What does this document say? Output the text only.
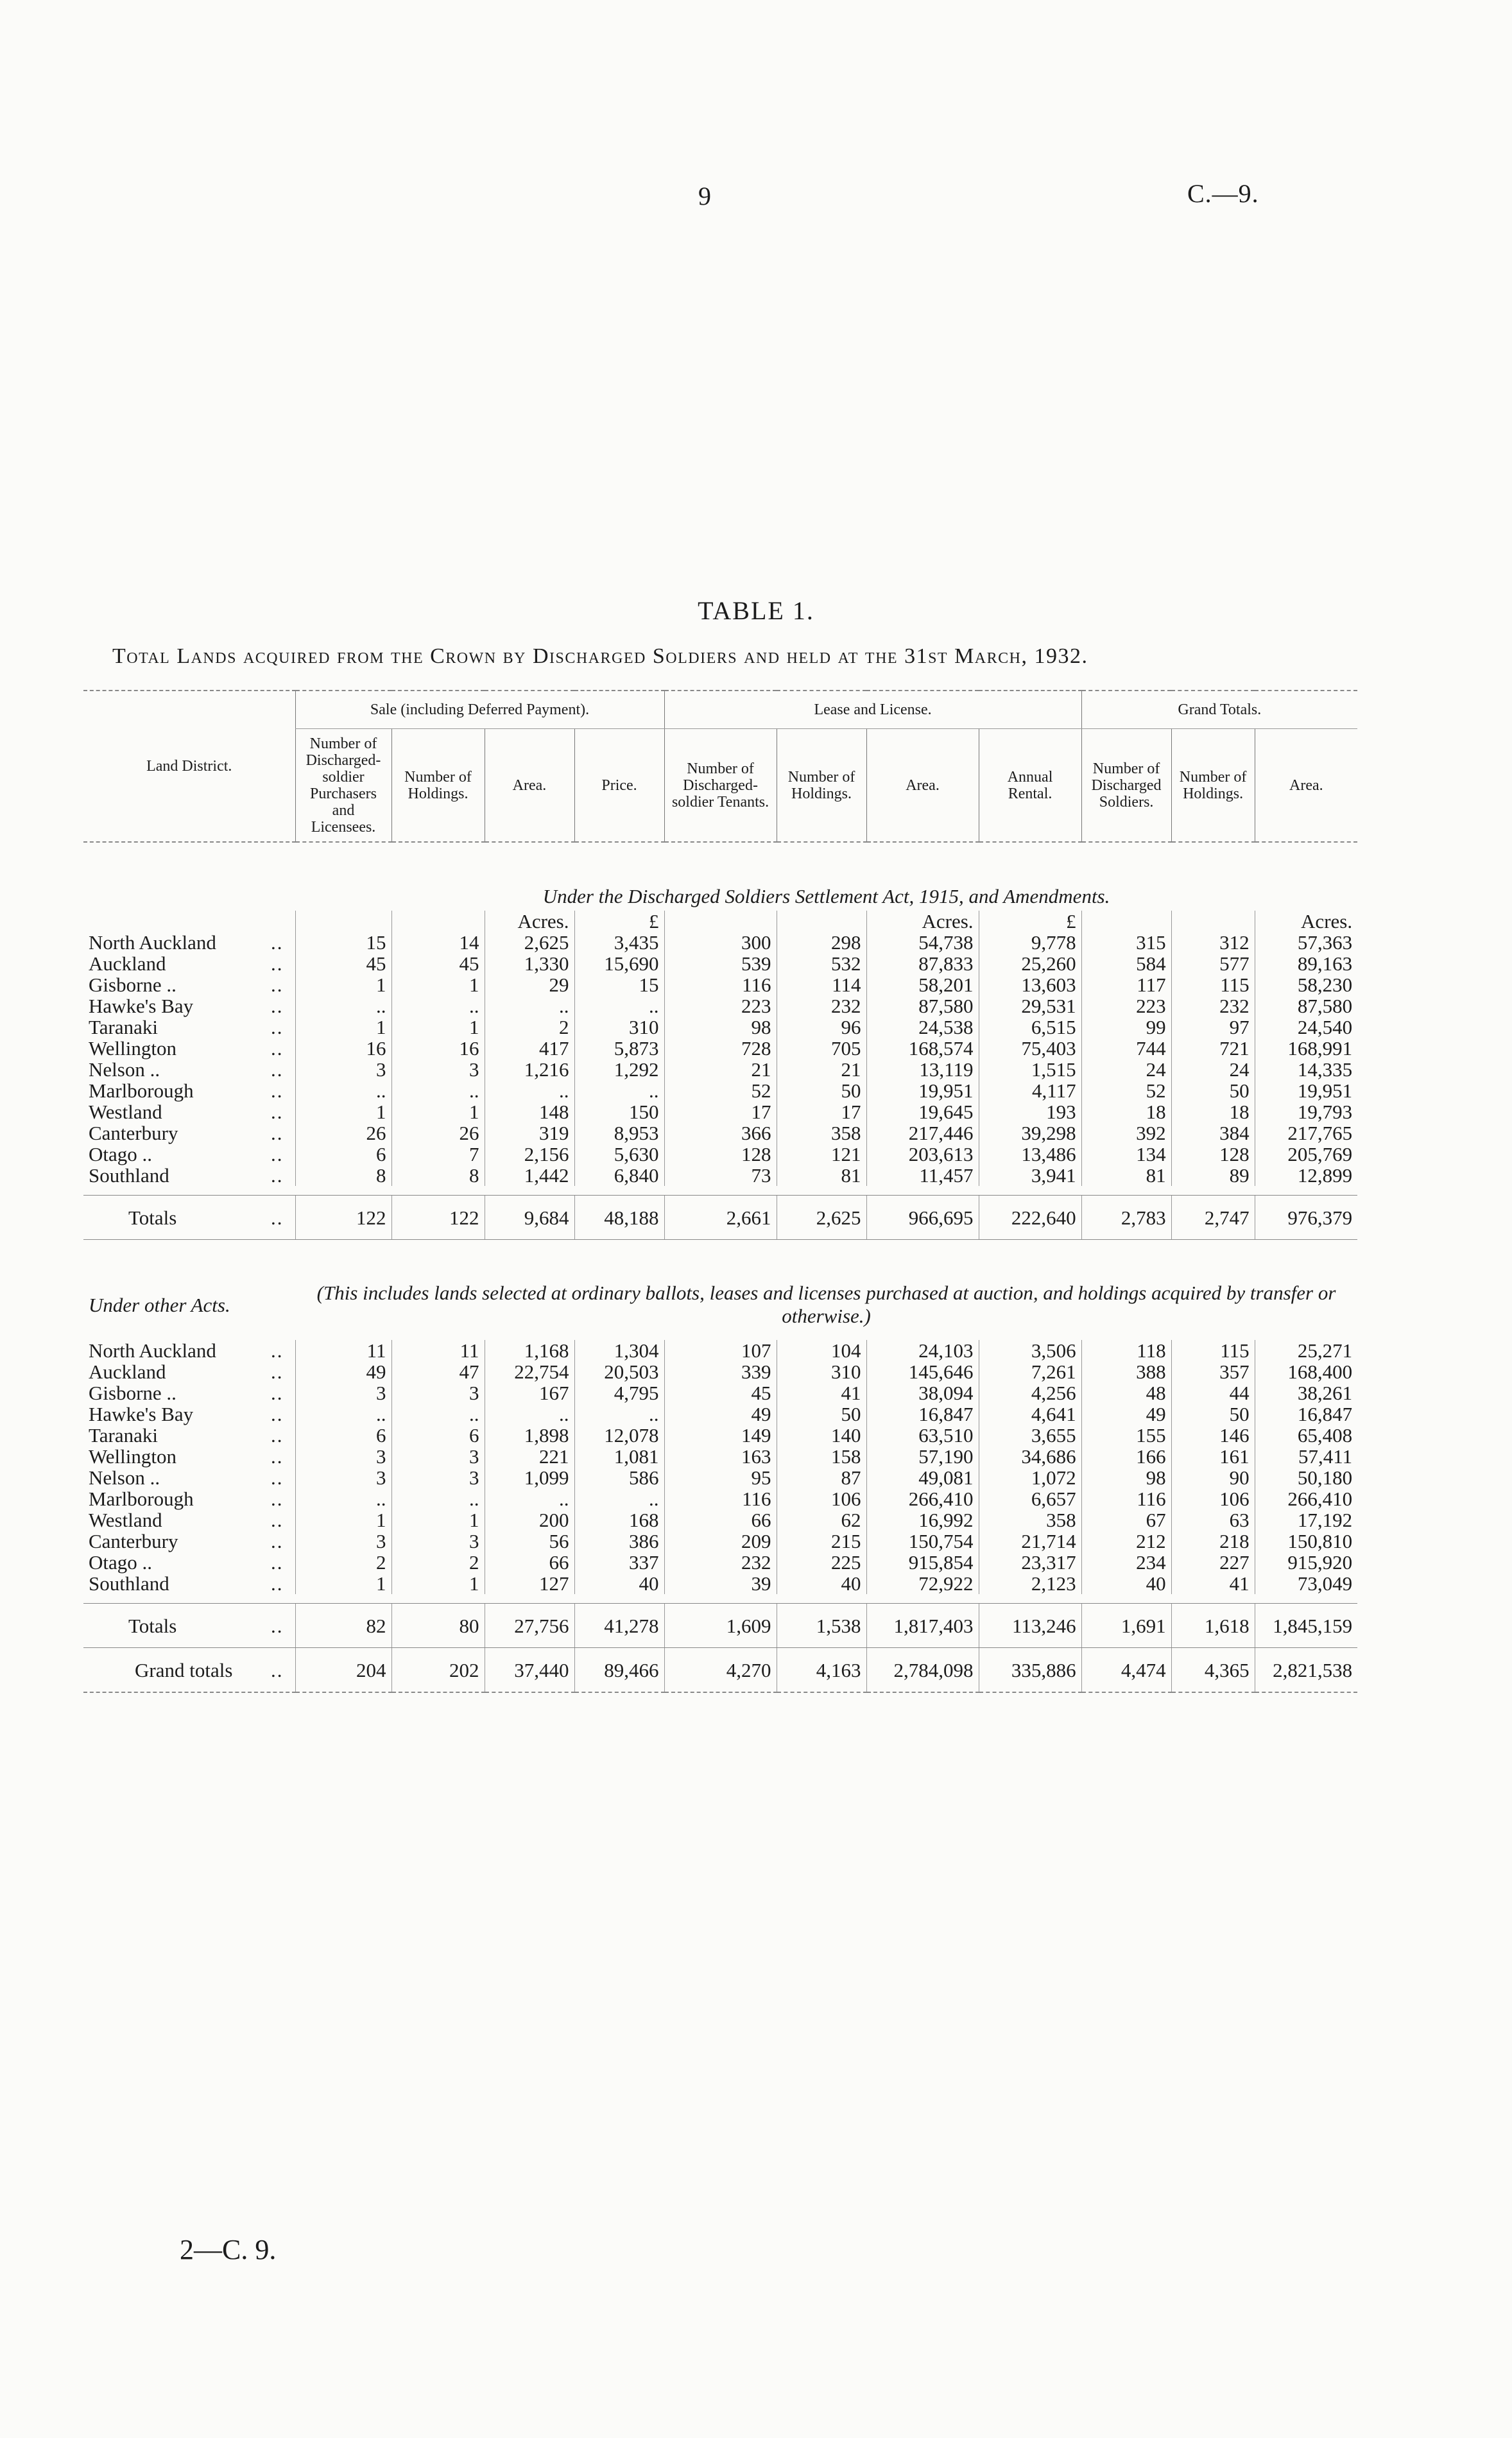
9	C.—9.
TABLE 1.
Total Lands acquired from the Crown by Discharged Soldiers and held at the 31st March, 1932.
Land District.	Sale (including Deferred Payment).				Lease and License.				Grand Totals.		
	Number of Discharged-soldier Purchasers and Licensees.	Number of Holdings.	Area.	Price.	Number of Discharged-soldier Tenants.	Number of Holdings.	Area.	Annual Rental.	Number of Discharged Soldiers.	Number of Holdings.	Area.

	Under the Discharged Soldiers Settlement Act, 1915, and Amendments.										
			Acres.	£			Acres.	£			Acres.
North Auckland ..	15	14	2,625	3,435	300	298	54,738	9,778	315	312	57,363
Auckland ..	45	45	1,330	15,690	539	532	87,833	25,260	584	577	89,163
Gisborne .. ..	1	1	29	15	116	114	58,201	13,603	117	115	58,230
Hawke's Bay ..	..	..	..	..	223	232	87,580	29,531	223	232	87,580
Taranaki ..	1	1	2	310	98	96	24,538	6,515	99	97	24,540
Wellington ..	16	16	417	5,873	728	705	168,574	75,403	744	721	168,991
Nelson .. ..	3	3	1,216	1,292	21	21	13,119	1,515	24	24	14,335
Marlborough ..	..	..	..	..	52	50	19,951	4,117	52	50	19,951
Westland ..	1	1	148	150	17	17	19,645	193	18	18	19,793
Canterbury ..	26	26	319	8,953	366	358	217,446	39,298	392	384	217,765
Otago .. ..	6	7	2,156	5,630	128	121	203,613	13,486	134	128	205,769
Southland ..	8	8	1,442	6,840	73	81	11,457	3,941	81	89	12,899

Totals ..	122	122	9,684	48,188	2,661	2,625	966,695	222,640	2,783	2,747	976,379

Under other Acts.	(This includes lands selected at ordinary ballots, leases and licenses purchased at auction, and holdings acquired by transfer or otherwise.)										
North Auckland ..	11	11	1,168	1,304	107	104	24,103	3,506	118	115	25,271
Auckland ..	49	47	22,754	20,503	339	310	145,646	7,261	388	357	168,400
Gisborne .. ..	3	3	167	4,795	45	41	38,094	4,256	48	44	38,261
Hawke's Bay ..	..	..	..	..	49	50	16,847	4,641	49	50	16,847
Taranaki ..	6	6	1,898	12,078	149	140	63,510	3,655	155	146	65,408
Wellington ..	3	3	221	1,081	163	158	57,190	34,686	166	161	57,411
Nelson .. ..	3	3	1,099	586	95	87	49,081	1,072	98	90	50,180
Marlborough ..	..	..	..	..	116	106	266,410	6,657	116	106	266,410
Westland ..	1	1	200	168	66	62	16,992	358	67	63	17,192
Canterbury ..	3	3	56	386	209	215	150,754	21,714	212	218	150,810
Otago .. ..	2	2	66	337	232	225	915,854	23,317	234	227	915,920
Southland ..	1	1	127	40	39	40	72,922	2,123	40	41	73,049

Totals ..	82	80	27,756	41,278	1,609	1,538	1,817,403	113,246	1,691	1,618	1,845,159
Grand totals ..	204	202	37,440	89,466	4,270	4,163	2,784,098	335,886	4,474	4,365	2,821,538
2—C. 9.
